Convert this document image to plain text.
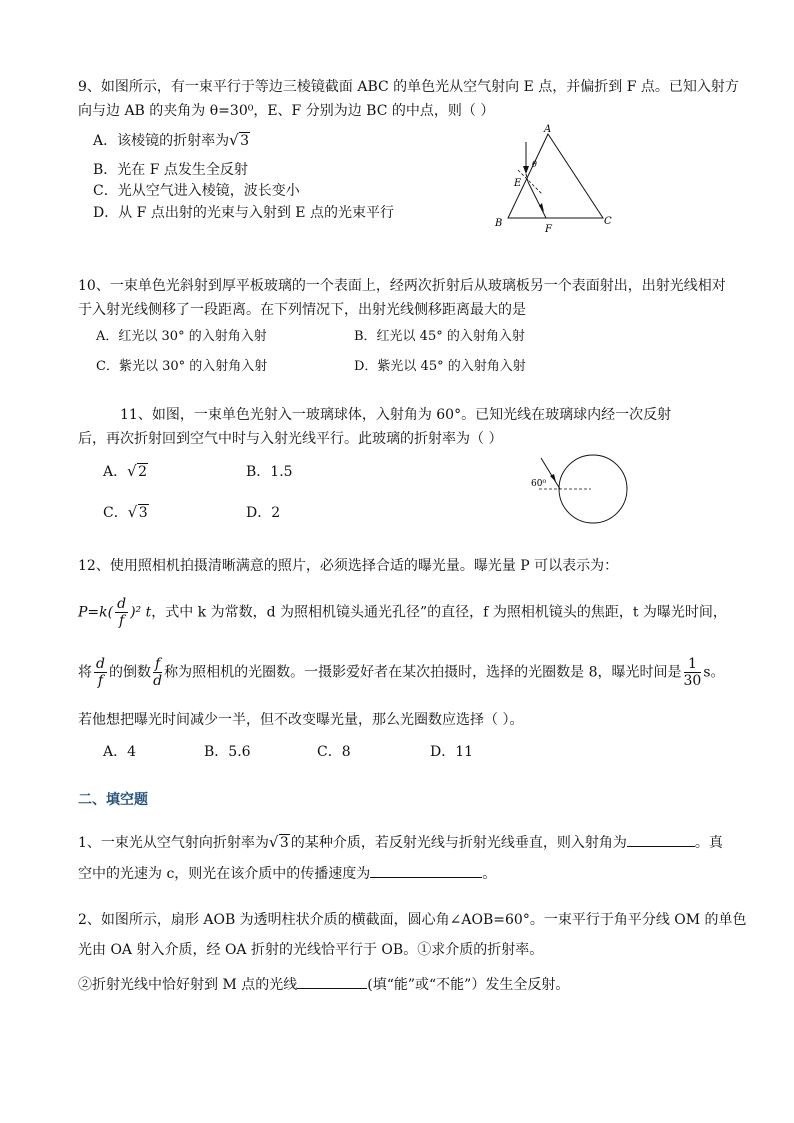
9、如图所示，有一束平行于等边三棱镜截面 ABC 的单色光从空气射向 E 点，并偏折到 F 点。已知入射方
向与边 AB 的夹角为 θ=30⁰，E、F 分别为边 BC 的中点，则（ ）
A．该棱镜的折射率为 √ 3
B．光在 F 点发生全反射
C．光从空气进入棱镜，波长变小
D．从 F 点出射的光束与入射到 E 点的光束平行
A
B	C
E
F
θ
10、一束单色光斜射到厚平板玻璃的一个表面上，经两次折射后从玻璃板另一个表面射出，出射光线相对
于入射光线侧移了一段距离。在下列情况下，出射光线侧移距离最大的是
A．红光以 30° 的入射角入射	B．红光以 45° 的入射角入射
C．紫光以 30° 的入射角入射	D．紫光以 45° 的入射角入射
11、如图，一束单色光射入一玻璃球体，入射角为 60°。已知光线在玻璃球内经一次反射
后，再次折射回到空气中时与入射光线平行。此玻璃的折射率为（ ）
A． √ 2	B．1.5
C． √ 3	D．2
60⁰
12、使用照相机拍摄清晰满意的照片，必须选择合适的曝光量。曝光量 P 可以表示为：
$P=k( \frac{d}{f} )^2$ t，式中 k 为常数，d 为照相机镜头通光孔径”的直径，f 为照相机镜头的焦距，t 为曝光时间，
将 $\frac{d}{f}$ 的倒数 $\frac{f}{d}$ 称为照相机的光圈数。一摄影爱好者在某次拍摄时，选择的光圈数是 8，曝光时间是 $\frac{1}{30}$ s。
若他想把曝光时间减少一半，但不改变曝光量，那么光圈数应选择（ ）。
A．4	B．5.6	C．8	D．11
二、填空题
1、一束光从空气射向折射率为 √ 3 的某种介质，若反射光线与折射光线垂直，则入射角为	。真
空中的光速为 c，则光在该介质中的传播速度为	。
2、如图所示，扇形 AOB 为透明柱状介质的横截面，圆心角∠AOB=60°。一束平行于角平分线 OM 的单色
光由 OA 射入介质，经 OA 折射的光线恰平行于 OB。①求介质的折射率。
②折射光线中恰好射到 M 点的光线	(填“能”或“不能”）发生全反射。
